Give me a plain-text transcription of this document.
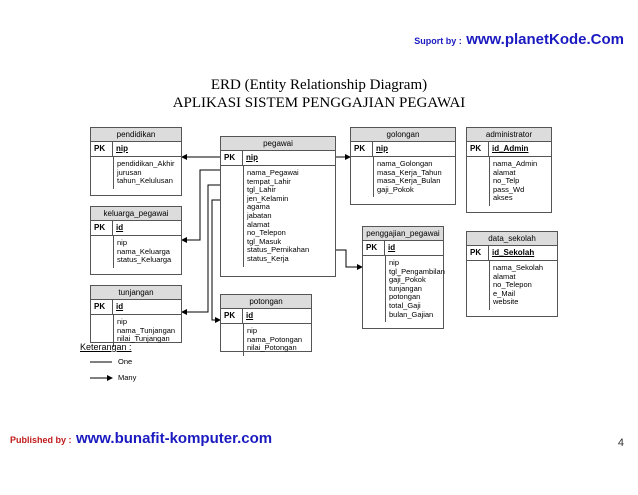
Suport by : www.planetKode.Com
ERD (Entity Relationship Diagram)
APLIKASI SISTEM PENGGAJIAN PEGAWAI
pendidikan
PK	nip
pendidikan_Akhir
jurusan
tahun_Kelulusan
pegawai
PK	nip
nama_Pegawai
tempat_Lahir
tgl_Lahir
jen_Kelamin
agama
jabatan
alamat
no_Telepon
tgl_Masuk
status_Pernikahan
status_Kerja
golongan
PK	nip
nama_Golongan
masa_Kerja_Tahun
masa_Kerja_Bulan
gaji_Pokok
administrator
PK	id_Admin
nama_Admin
alamat
no_Telp
pass_Wd
akses
keluarga_pegawai
PK	id
nip
nama_Keluarga
status_Keluarga
penggajian_pegawai
PK	id
nip
tgl_Pengambilan
gaji_Pokok
tunjangan
potongan
total_Gaji
bulan_Gajian
data_sekolah
PK	id_Sekolah
nama_Sekolah
alamat
no_Telepon
e_Mail
website
tunjangan
PK	id
nip
nama_Tunjangan
nilai_Tunjangan
potongan
PK	id
nip
nama_Potongan
nilai_Potongan
Keterangan :
One
Many
Published by : www.bunafit-komputer.com	4
